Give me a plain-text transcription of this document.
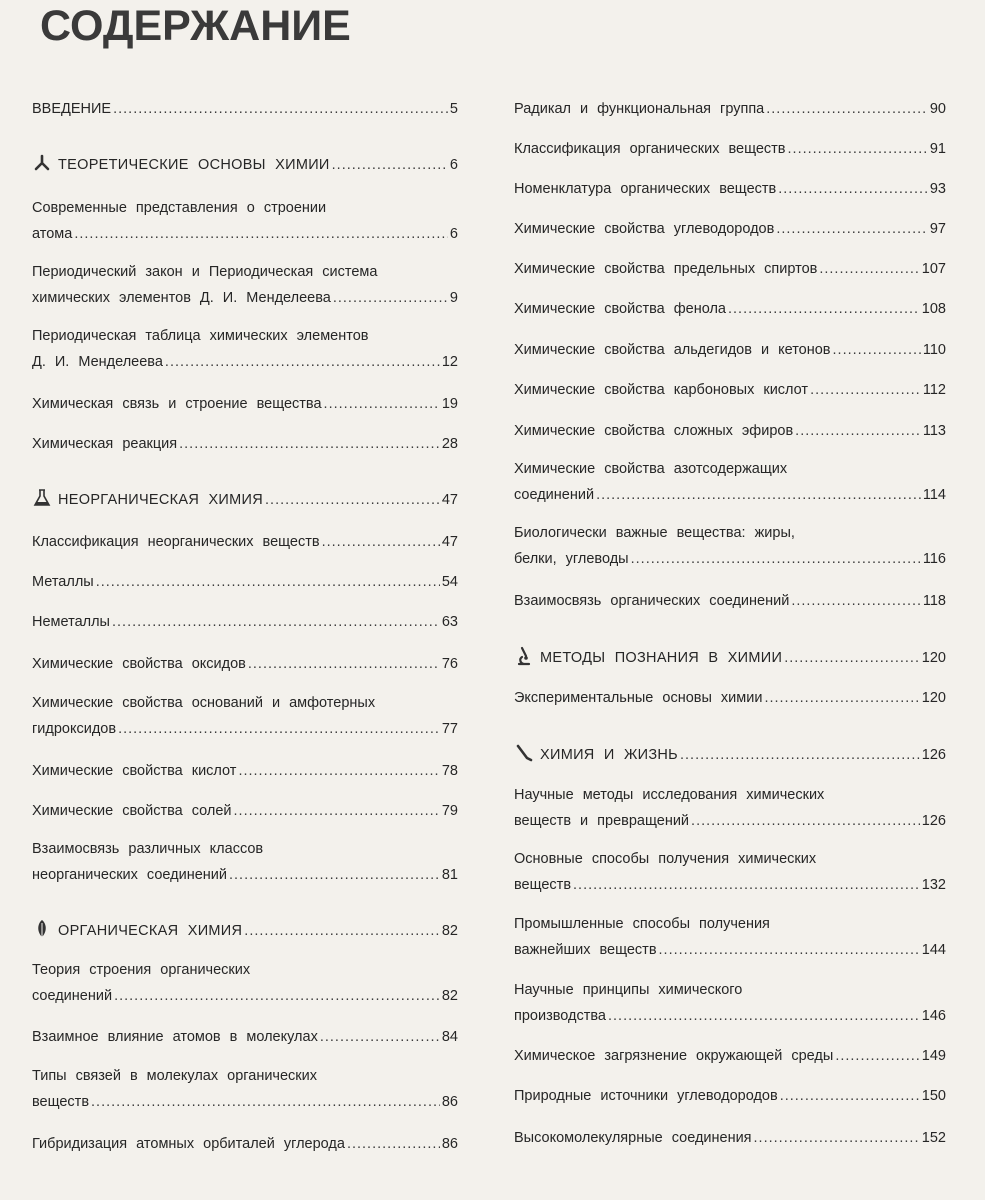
СОДЕРЖАНИЕ
ВВЕДЕНИЕ .....	5
ТЕОРЕТИЧЕСКИЕ ОСНОВЫ ХИМИИ .....	6
Современные представления о строении
атома .....	6
Периодический закон и Периодическая система
химических элементов Д. И. Менделеева .....	9
Периодическая таблица химических элементов
Д. И. Менделеева .....	12
Химическая связь и строение вещества .....	19
Химическая реакция .....	28
НЕОРГАНИЧЕСКАЯ ХИМИЯ .....	47
Классификация неорганических веществ .....	47
Металлы .....	54
Неметаллы .....	63
Химические свойства оксидов .....	76
Химические свойства оснований и амфотерных
гидроксидов .....	77
Химические свойства кислот .....	78
Химические свойства солей .....	79
Взаимосвязь различных классов
неорганических соединений .....	81
ОРГАНИЧЕСКАЯ ХИМИЯ .....	82
Теория строения органических
соединений .....	82
Взаимное влияние атомов в молекулах .....	84
Типы связей в молекулах органических
веществ .....	86
Гибридизация атомных орбиталей углерода .....	86
Радикал и функциональная группа .....	90
Классификация органических веществ .....	91
Номенклатура органических веществ .....	93
Химические свойства углеводородов .....	97
Химические свойства предельных спиртов .....	107
Химические свойства фенола .....	108
Химические свойства альдегидов и кетонов .....	110
Химические свойства карбоновых кислот .....	112
Химические свойства сложных эфиров .....	113
Химические свойства азотсодержащих
соединений .....	114
Биологически важные вещества: жиры,
белки, углеводы .....	116
Взаимосвязь органических соединений .....	118
МЕТОДЫ ПОЗНАНИЯ В ХИМИИ .....	120
Экспериментальные основы химии .....	120
ХИМИЯ И ЖИЗНЬ .....	126
Научные методы исследования химических
веществ и превращений .....	126
Основные способы получения химических
веществ .....	132
Промышленные способы получения
важнейших веществ .....	144
Научные принципы химического
производства .....	146
Химическое загрязнение окружающей среды .....	149
Природные источники углеводородов .....	150
Высокомолекулярные соединения .....	152
